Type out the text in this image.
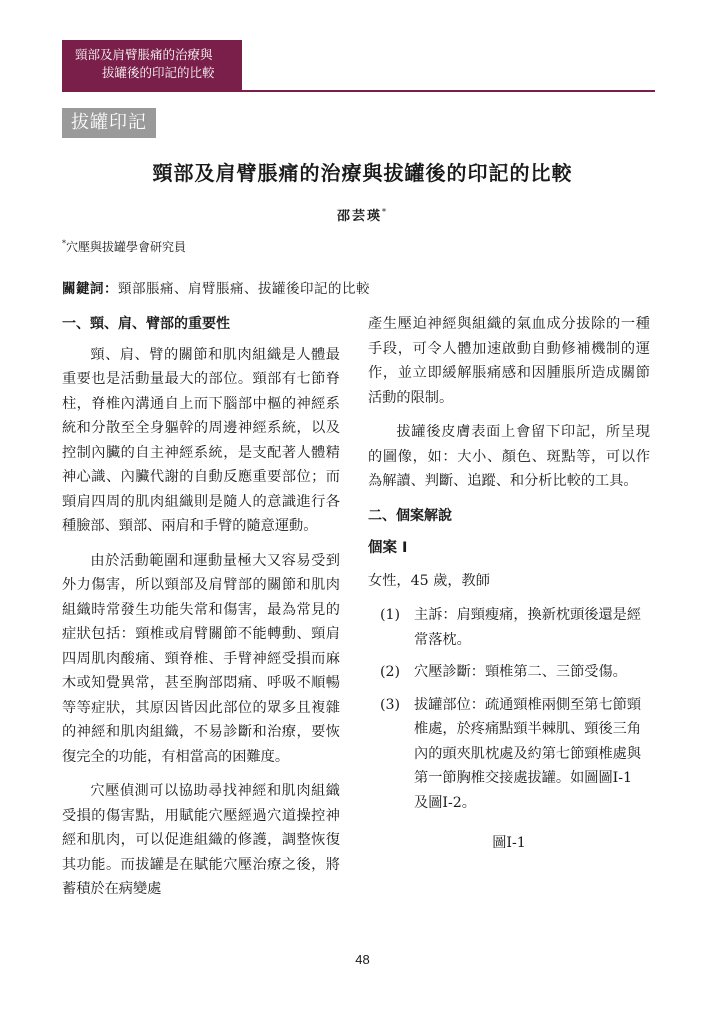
頸部及肩臂脹痛的治療與
拔罐後的印記的比較
拔罐印記
頸部及肩臂脹痛的治療與拔罐後的印記的比較
邵芸瑛*
*穴壓與拔罐學會研究員
關鍵詞：頸部脹痛、肩臂脹痛、拔罐後印記的比較
一、頸、肩、臂部的重要性

頸、肩、臂的關節和肌肉組織是人體最重要也是活動量最大的部位。頸部有七節脊柱，脊椎內溝通自上而下腦部中樞的神經系統和分散至全身軀幹的周邊神經系統，以及控制內臟的自主神經系統，是支配著人體精神心識、內臟代謝的自動反應重要部位；而頸肩四周的肌肉組織則是隨人的意識進行各種臉部、頸部、兩肩和手臂的隨意運動。

由於活動範圍和運動量極大又容易受到外力傷害，所以頸部及肩臂部的關節和肌肉組織時常發生功能失常和傷害，最為常見的症狀包括：頸椎或肩臂關節不能轉動、頸肩四周肌肉酸痛、頸脊椎、手臂神經受損而麻木或知覺異常，甚至胸部悶痛、呼吸不順暢等等症狀，其原因皆因此部位的眾多且複雜的神經和肌肉組織，不易診斷和治療，要恢復完全的功能，有相當高的困難度。

穴壓偵測可以協助尋找神經和肌肉組織受損的傷害點，用賦能穴壓經過穴道操控神經和肌肉，可以促進組織的修護，調整恢復其功能。而拔罐是在賦能穴壓治療之後，將蓄積於在病變處

產生壓迫神經與組織的氣血成分拔除的一種手段，可令人體加速啟動自動修補機制的運作，並立即緩解脹痛感和因腫脹所造成關節活動的限制。

拔罐後皮膚表面上會留下印記，所呈現的圖像，如：大小、顏色、斑點等，可以作為解讀、判斷、追蹤、和分析比較的工具。

二、個案解說
個案 Ⅰ
女性，45 歲，教師
(1) 主訴：肩頸瘦痛，換新枕頭後還是經常落枕。
(2) 穴壓診斷：頸椎第二、三節受傷。
(3) 拔罐部位：疏通頸椎兩側至第七節頸椎處，於疼痛點頸半棘肌、頸後三角內的頭夾肌枕處及約第七節頸椎處與第一節胸椎交接處拔罐。如圖圖Ⅰ-1 及圖Ⅰ-2。
圖Ⅰ-1
48
